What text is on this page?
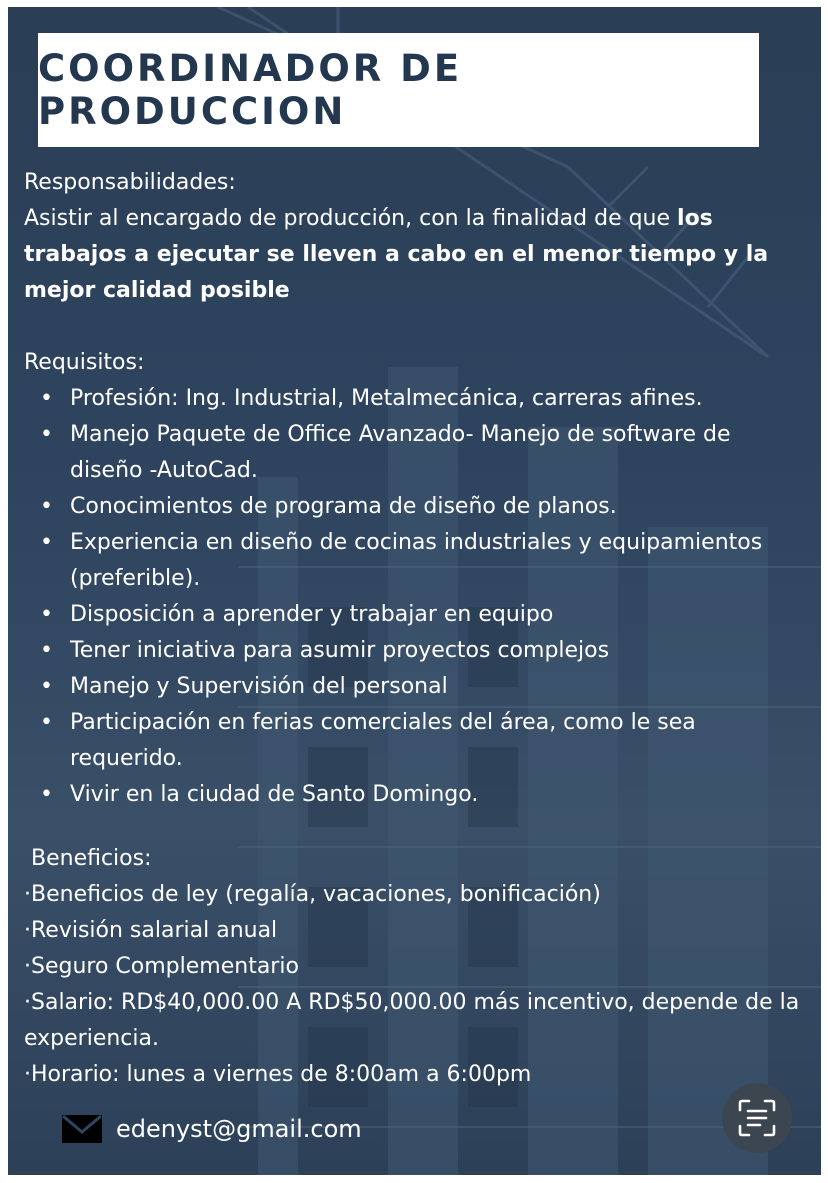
COORDINADOR DE PRODUCCION
Responsabilidades:
Asistir al encargado de producción, con la finalidad de que los trabajos a ejecutar se lleven a cabo en el menor tiempo y la mejor calidad posible
Requisitos:
• Profesión: Ing. Industrial, Metalmecánica, carreras afines.
• Manejo Paquete de Office Avanzado- Manejo de software de diseño -AutoCad.
• Conocimientos de programa de diseño de planos.
• Experiencia en diseño de cocinas industriales y equipamientos (preferible).
• Disposición a aprender y trabajar en equipo
• Tener iniciativa para asumir proyectos complejos
• Manejo y Supervisión del personal
• Participación en ferias comerciales del área, como le sea requerido.
• Vivir en la ciudad de Santo Domingo.
Beneficios:
·Beneficios de ley (regalía, vacaciones, bonificación)
·Revisión salarial anual
·Seguro Complementario
·Salario: RD$40,000.00 A RD$50,000.00 más incentivo, depende de la experiencia.
·Horario: lunes a viernes de 8:00am a 6:00pm
edenyst@gmail.com
